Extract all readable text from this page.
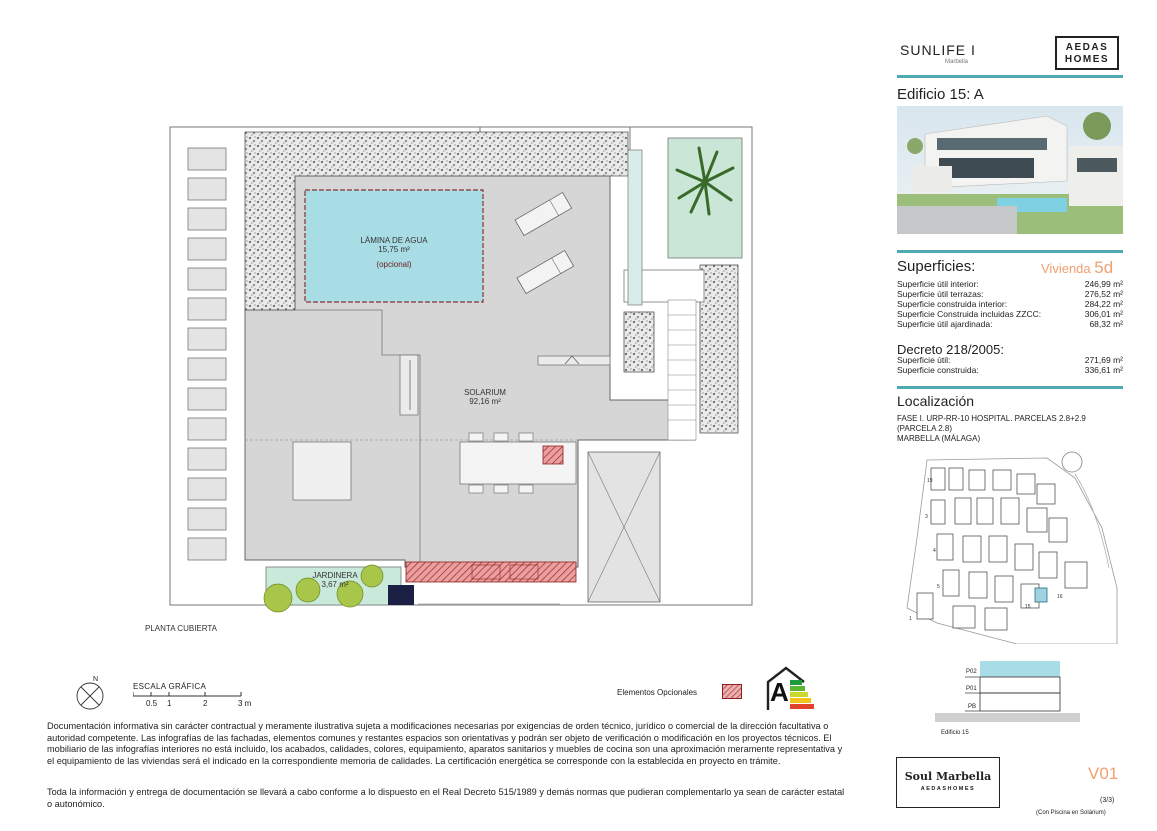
LÁMINA DE AGUA
15,75 m²
(opcional)
SOLARIUM
92,16 m²
JARDINERA
3,67 m²
PLANTA CUBIERTA
N
ESCALA GRÁFICA
0.5 1	2	3 m
Elementos Opcionales	A
Documentación informativa sin carácter contractual y meramente ilustrativa sujeta a modificaciones necesarias por exigencias de orden técnico, jurídico o comercial de la dirección facultativa o autoridad competente. Las infografías de las fachadas, elementos comunes y restantes espacios son orientativas y podrán ser objeto de verificación o modificación en los proyectos técnicos. El mobiliario de las infografías interiores no está incluido, los acabados, calidades, colores, equipamiento, aparatos sanitarios y muebles de cocina son una aproximación meramente representativa y el equipamiento de las viviendas será el indicado en la correspondiente memoria de calidades. La certificación energética se corresponde con la establecida en proyecto en trámite.
Toda la información y entrega de documentación se llevará a cabo conforme a lo dispuesto en el Real Decreto 515/1989 y demás normas que pudieran complementarlo ya sean de carácter estatal o autonómico.
SUNLIFE I
Marbella
AEDAS
HOMES
Edificio 15: A
Superficies:	Vivienda 5d
Superficie útil interior:	246,99 m²
Superficie útil terrazas:	276,52 m²
Superficie construida interior:	284,22 m²
Superficie Construida incluidas ZZCC:	306,01 m²
Superficie útil ajardinada:	68,32 m²
Decreto 218/2005:
Superficie útil:	271,69 m²
Superficie construida:	336,61 m²
Localización
FASE I. URP-RR-10 HOSPITAL. PARCELAS 2.8+2.9
(PARCELA 2.8)
MARBELLA (MÁLAGA)
19
1
3
4
5
15
16
P02
P01
PB
Edificio 15
Soul Marbella
AEDASHOMES
V01
(3/3)
(Con Piscina en Solárium)
